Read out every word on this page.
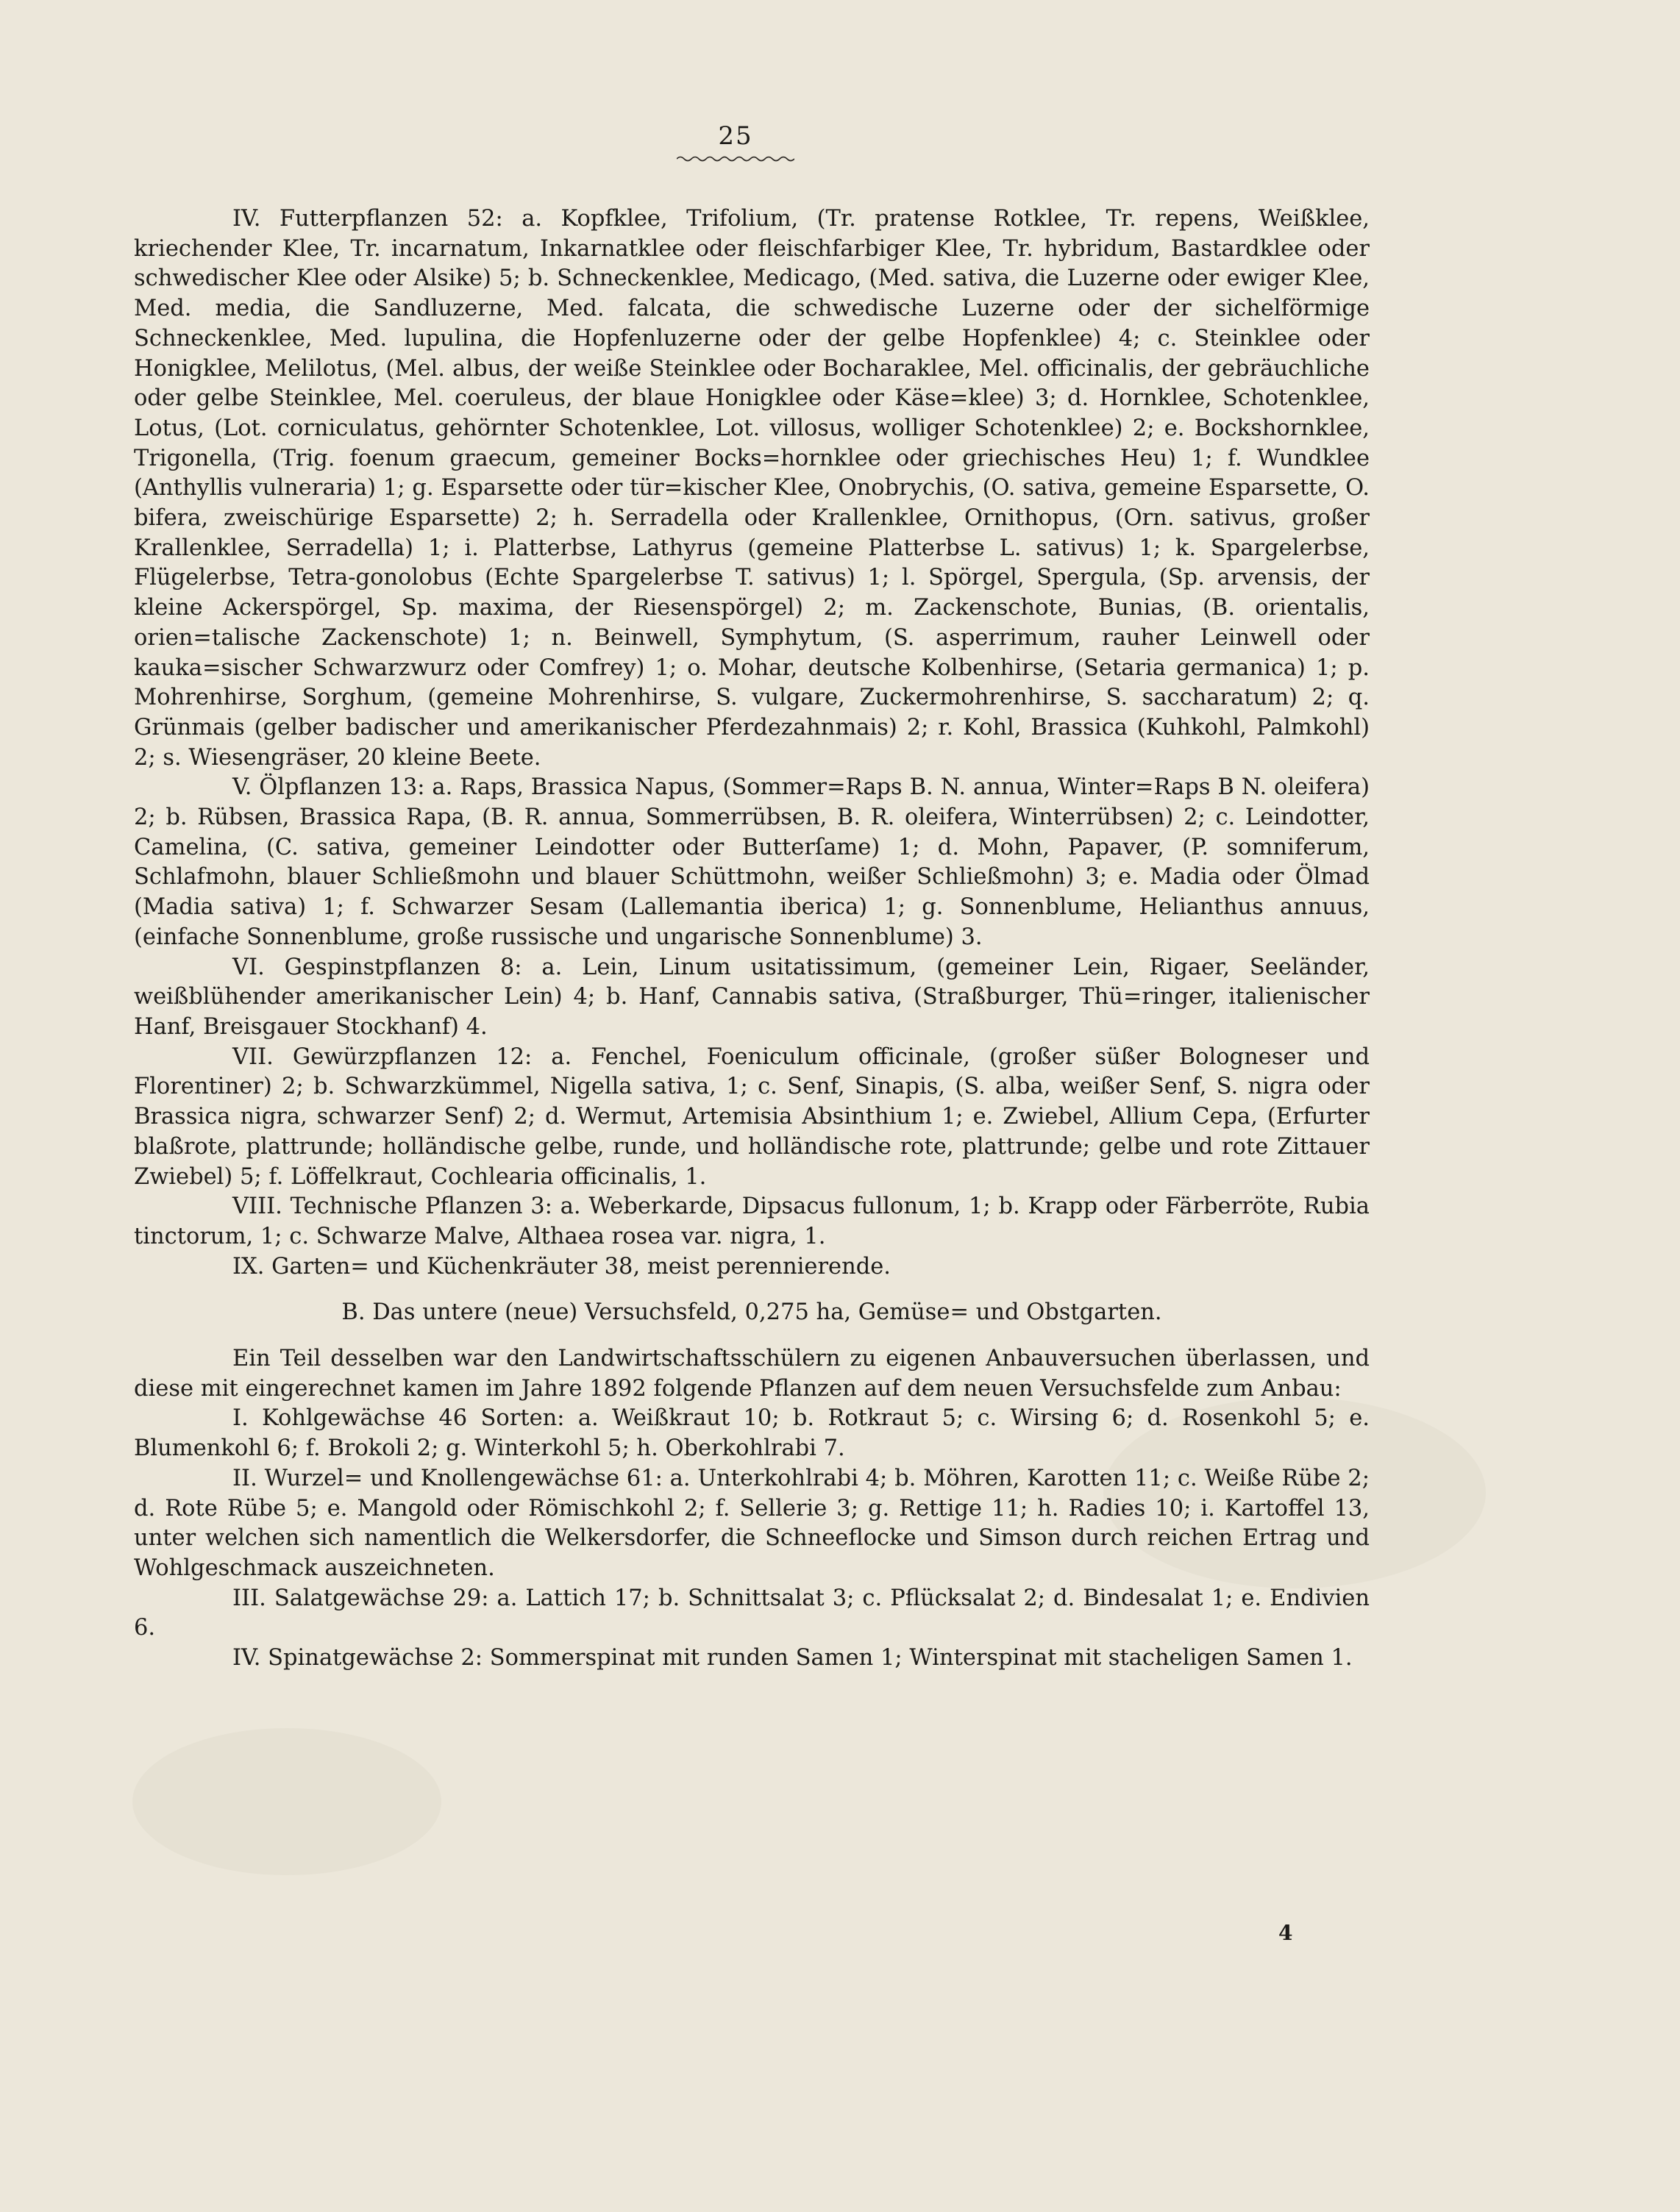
25

IV. Futterpflanzen 52: a. Kopfklee, Trifolium, (Tr. pratense Rotklee, Tr. repens, Weißklee, kriechender Klee, Tr. incarnatum, Inkarnatklee oder fleischfarbiger Klee, Tr. hybridum, Bastardklee oder schwedischer Klee oder Alsike) 5; b. Schneckenklee, Medicago, (Med. sativa, die Luzerne oder ewiger Klee, Med. media, die Sandluzerne, Med. falcata, die schwedische Luzerne oder der sichelförmige Schneckenklee, Med. lupulina, die Hopfenluzerne oder der gelbe Hopfenklee) 4; c. Steinklee oder Honigklee, Melilotus, (Mel. albus, der weiße Steinklee oder Bocharaklee, Mel. officinalis, der gebräuchliche oder gelbe Steinklee, Mel. coeruleus, der blaue Honigklee oder Käse=klee) 3; d. Hornklee, Schotenklee, Lotus, (Lot. corniculatus, gehörnter Schotenklee, Lot. villosus, wolliger Schotenklee) 2; e. Bockshornklee, Trigonella, (Trig. foenum graecum, gemeiner Bocks=hornklee oder griechisches Heu) 1; f. Wundklee (Anthyllis vulneraria) 1; g. Esparsette oder tür=kischer Klee, Onobrychis, (O. sativa, gemeine Esparsette, O. bifera, zweischürige Esparsette) 2; h. Serradella oder Krallenklee, Ornithopus, (Orn. sativus, großer Krallenklee, Serradella) 1; i. Platterbse, Lathyrus (gemeine Platterbse L. sativus) 1; k. Spargelerbse, Flügelerbse, Tetra-gonolobus (Echte Spargelerbse T. sativus) 1; l. Spörgel, Spergula, (Sp. arvensis, der kleine Ackerspörgel, Sp. maxima, der Riesenspörgel) 2; m. Zackenschote, Bunias, (B. orientalis, orien=talische Zackenschote) 1; n. Beinwell, Symphytum, (S. asperrimum, rauher Leinwell oder kauka=sischer Schwarzwurz oder Comfrey) 1; o. Mohar, deutsche Kolbenhirse, (Setaria germanica) 1; p. Mohrenhirse, Sorghum, (gemeine Mohrenhirse, S. vulgare, Zuckermohrenhirse, S. saccharatum) 2; q. Grünmais (gelber badischer und amerikanischer Pferdezahnmais) 2; r. Kohl, Brassica (Kuhkohl, Palmkohl) 2; s. Wiesengräser, 20 kleine Beete.

V. Ölpflanzen 13: a. Raps, Brassica Napus, (Sommer=Raps B. N. annua, Winter=Raps B N. oleifera) 2; b. Rübsen, Brassica Rapa, (B. R. annua, Sommerrübsen, B. R. oleifera, Winterrübsen) 2; c. Leindotter, Camelina, (C. sativa, gemeiner Leindotter oder Butterſame) 1; d. Mohn, Papaver, (P. somniferum, Schlafmohn, blauer Schließmohn und blauer Schüttmohn, weißer Schließmohn) 3; e. Madia oder Ölmad (Madia sativa) 1; f. Schwarzer Sesam (Lallemantia iberica) 1; g. Sonnenblume, Helianthus annuus, (einfache Sonnenblume, große russische und ungarische Sonnenblume) 3.

VI. Gespinstpflanzen 8: a. Lein, Linum usitatissimum, (gemeiner Lein, Rigaer, Seeländer, weißblühender amerikanischer Lein) 4; b. Hanf, Cannabis sativa, (Straßburger, Thü=ringer, italienischer Hanf, Breisgauer Stockhanf) 4.

VII. Gewürzpflanzen 12: a. Fenchel, Foeniculum officinale, (großer süßer Bologneser und Florentiner) 2; b. Schwarzkümmel, Nigella sativa, 1; c. Senf, Sinapis, (S. alba, weißer Senf, S. nigra oder Brassica nigra, schwarzer Senf) 2; d. Wermut, Artemisia Absinthium 1; e. Zwiebel, Allium Cepa, (Erfurter blaßrote, plattrunde; holländische gelbe, runde, und holländische rote, plattrunde; gelbe und rote Zittauer Zwiebel) 5; f. Löffelkraut, Cochlearia officinalis, 1.

VIII. Technische Pflanzen 3: a. Weberkarde, Dipsacus fullonum, 1; b. Krapp oder Färberröte, Rubia tinctorum, 1; c. Schwarze Malve, Althaea rosea var. nigra, 1.

IX. Garten= und Küchenkräuter 38, meist perennierende.

B. Das untere (neue) Versuchsfeld, 0,275 ha, Gemüse= und Obstgarten.

Ein Teil desselben war den Landwirtschaftsschülern zu eigenen Anbauversuchen überlassen, und diese mit eingerechnet kamen im Jahre 1892 folgende Pflanzen auf dem neuen Versuchsfelde zum Anbau:

I. Kohlgewächse 46 Sorten: a. Weißkraut 10; b. Rotkraut 5; c. Wirsing 6; d. Rosenkohl 5; e. Blumenkohl 6; f. Brokoli 2; g. Winterkohl 5; h. Oberkohlrabi 7.

II. Wurzel= und Knollengewächse 61: a. Unterkohlrabi 4; b. Möhren, Karotten 11; c. Weiße Rübe 2; d. Rote Rübe 5; e. Mangold oder Römischkohl 2; f. Sellerie 3; g. Rettige 11; h. Radies 10; i. Kartoffel 13, unter welchen sich namentlich die Welkersdorfer, die Schneeflocke und Simson durch reichen Ertrag und Wohlgeschmack auszeichneten.

III. Salatgewächse 29: a. Lattich 17; b. Schnittsalat 3; c. Pflücksalat 2; d. Bindesalat 1; e. Endivien 6.

IV. Spinatgewächse 2: Sommerspinat mit runden Samen 1; Winterspinat mit stacheligen Samen 1.

4
